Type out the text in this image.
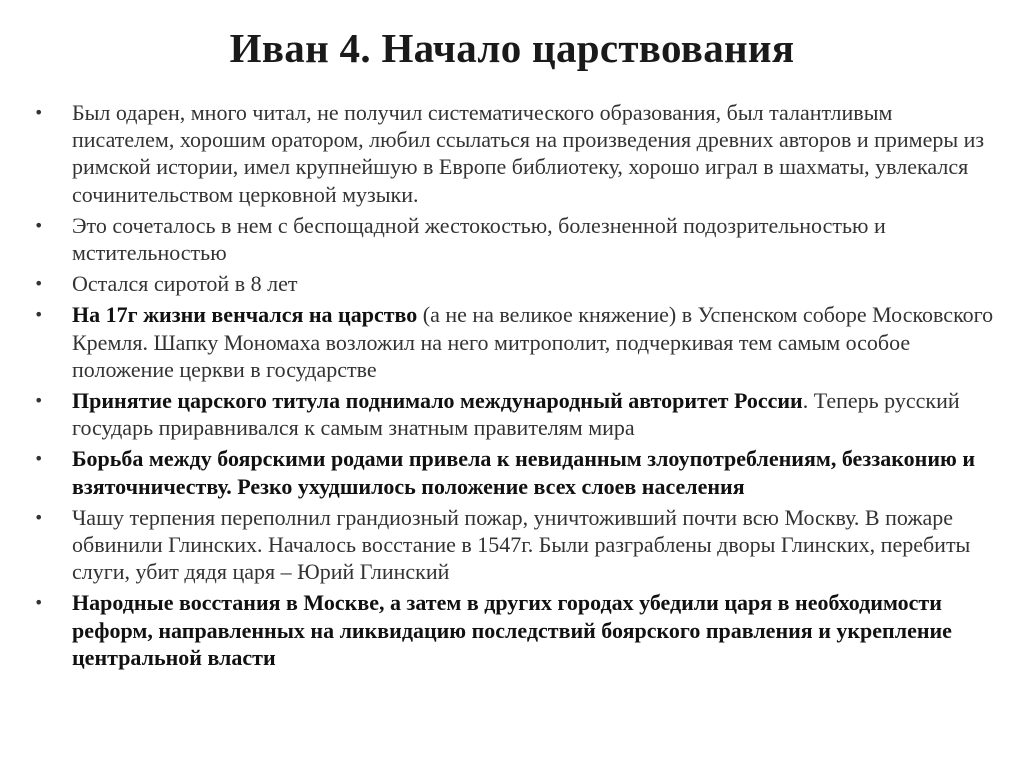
Иван 4. Начало царствования
• Был одарен, много читал, не получил систематического образования, был талантливым писателем, хорошим оратором, любил ссылаться на произведения древних авторов и примеры из римской истории, имел крупнейшую в Европе библиотеку, хорошо играл в шахматы, увлекался сочинительством церковной музыки.
• Это сочеталось в нем с беспощадной жестокостью, болезненной подозрительностью и мстительностью
• Остался сиротой в 8 лет
• На 17г жизни венчался на царство (а не на великое княжение) в Успенском соборе Московского Кремля. Шапку Мономаха возложил на него митрополит, подчеркивая тем самым особое положение церкви в государстве
• Принятие царского титула поднимало международный авторитет России. Теперь русский государь приравнивался к самым знатным правителям мира
• Борьба между боярскими родами привела к невиданным злоупотреблениям, беззаконию и взяточничеству. Резко ухудшилось положение всех слоев населения
• Чашу терпения переполнил грандиозный пожар, уничтоживший почти всю Москву. В пожаре обвинили Глинских. Началось восстание в 1547г. Были разграблены дворы Глинских, перебиты слуги, убит дядя царя – Юрий Глинский
• Народные восстания в Москве, а затем в других городах убедили царя в необходимости реформ, направленных на ликвидацию последствий боярского правления и укрепление центральной власти
